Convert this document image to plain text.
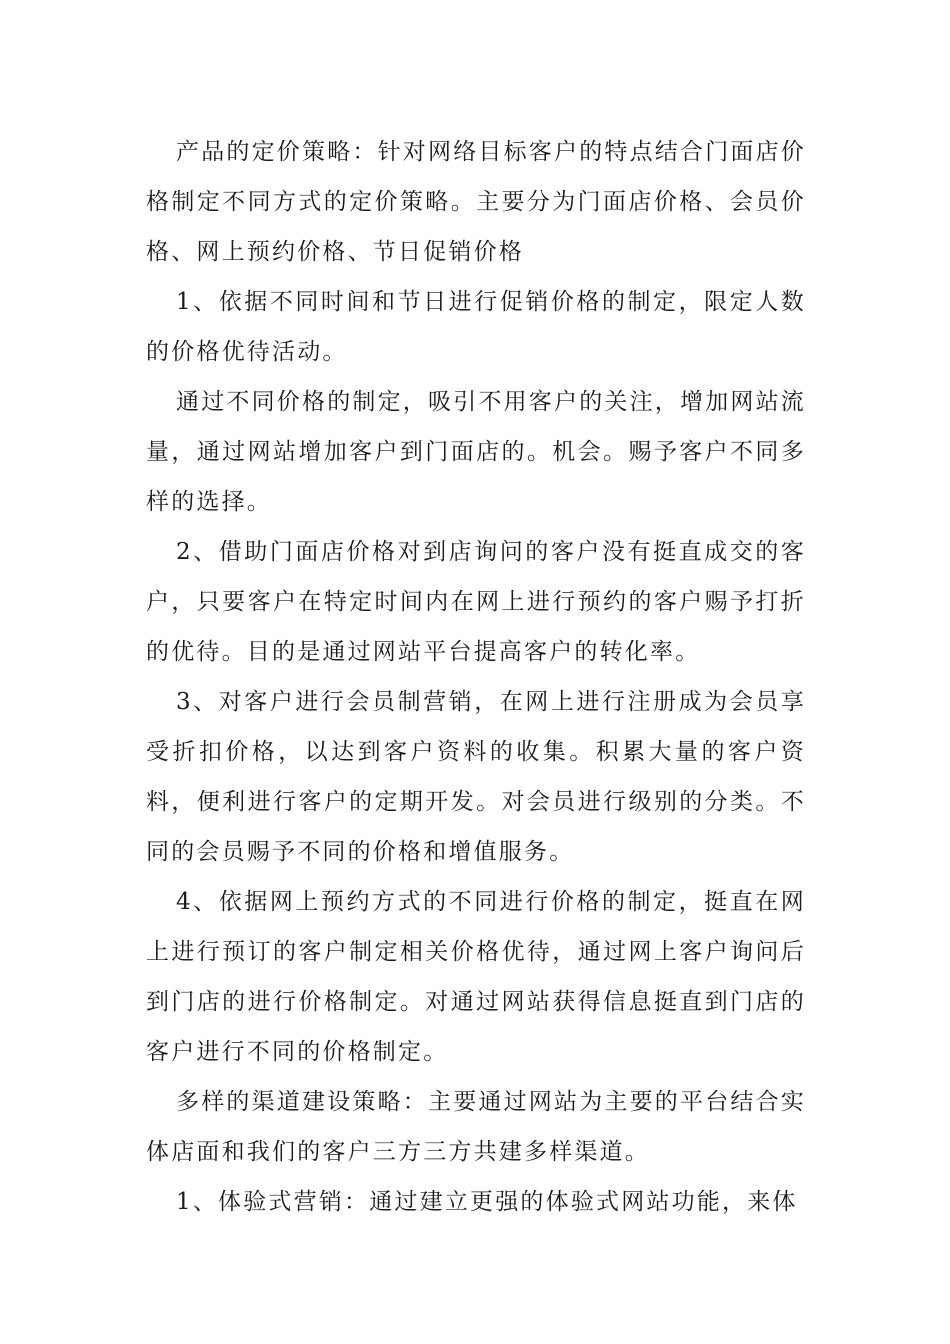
产品的定价策略：针对网络目标客户的特点结合门面店价格制定不同方式的定价策略。主要分为门面店价格、会员价格、网上预约价格、节日促销价格

1、依据不同时间和节日进行促销价格的制定，限定人数的价格优待活动。

通过不同价格的制定，吸引不用客户的关注，增加网站流量，通过网站增加客户到门面店的。机会。赐予客户不同多样的选择。

2、借助门面店价格对到店询问的客户没有挺直成交的客户，只要客户在特定时间内在网上进行预约的客户赐予打折的优待。目的是通过网站平台提高客户的转化率。

3、对客户进行会员制营销，在网上进行注册成为会员享受折扣价格，以达到客户资料的收集。积累大量的客户资料，便利进行客户的定期开发。对会员进行级别的分类。不同的会员赐予不同的价格和增值服务。

4、依据网上预约方式的不同进行价格的制定，挺直在网上进行预订的客户制定相关价格优待，通过网上客户询问后到门店的进行价格制定。对通过网站获得信息挺直到门店的客户进行不同的价格制定。

多样的渠道建设策略：主要通过网站为主要的平台结合实体店面和我们的客户三方三方共建多样渠道。

1、体验式营销：通过建立更强的体验式网站功能，来体
